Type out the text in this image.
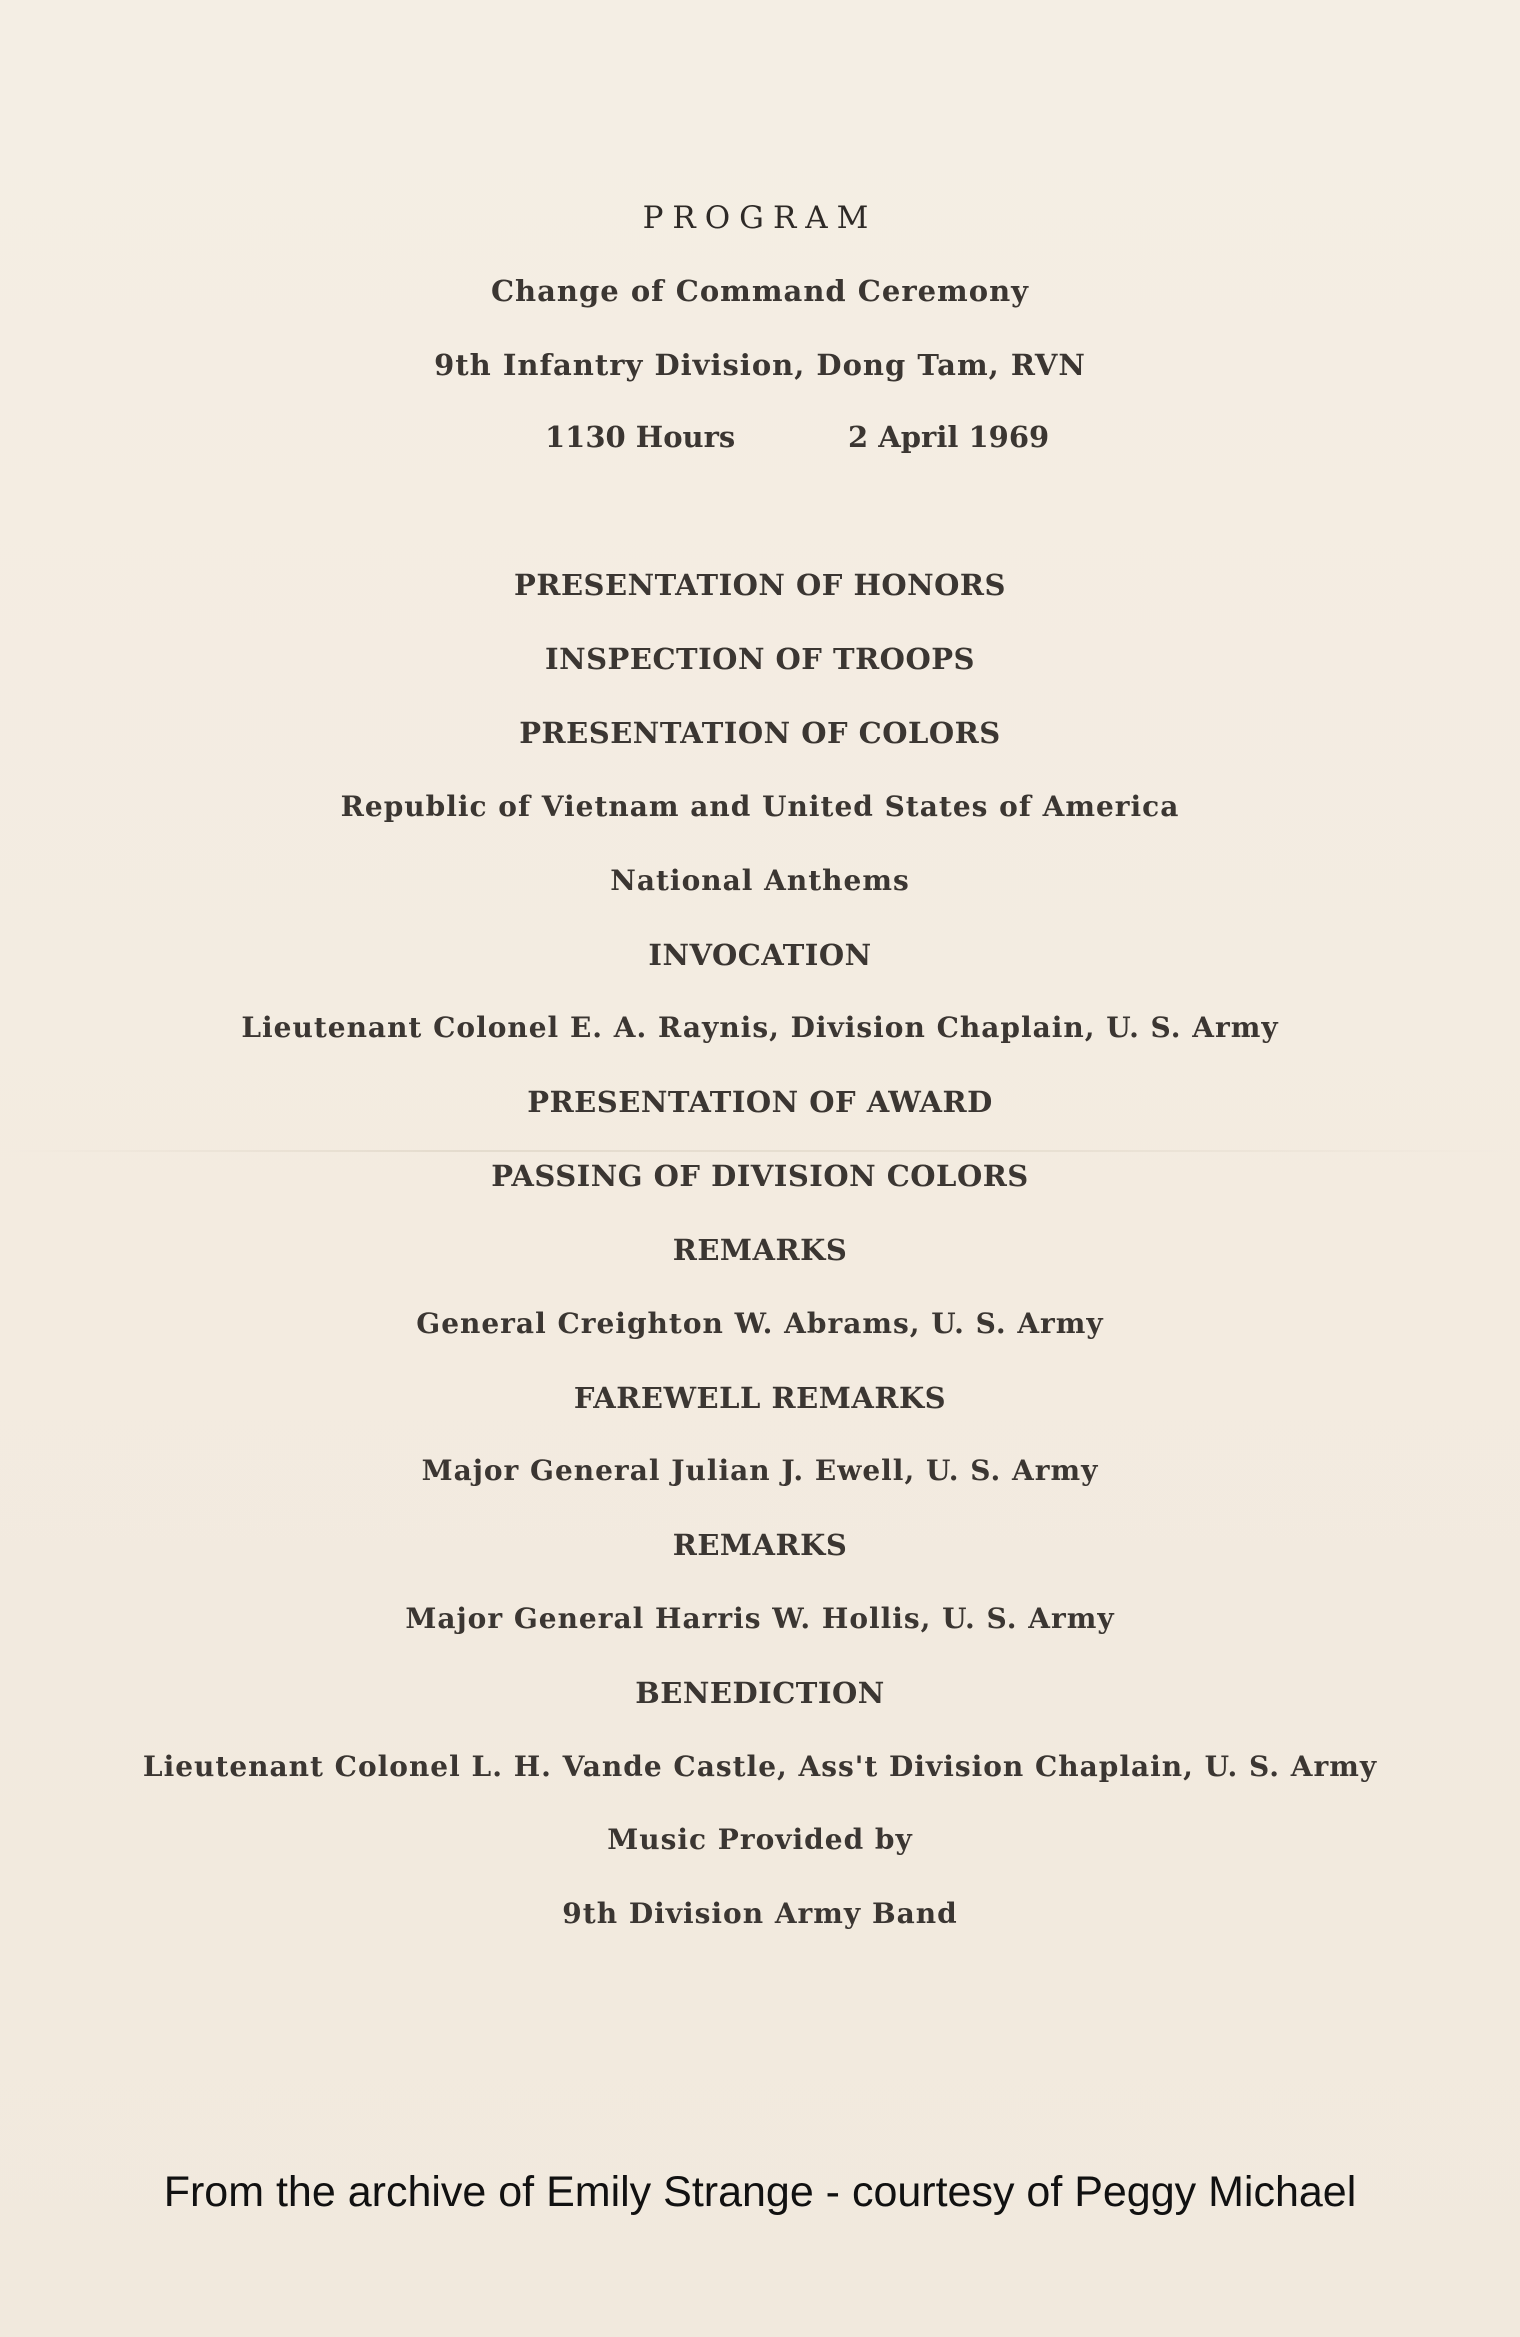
PROGRAM
Change of Command Ceremony
9th Infantry Division, Dong Tam, RVN
1130 Hours	2 April 1969
PRESENTATION OF HONORS
INSPECTION OF TROOPS
PRESENTATION OF COLORS
Republic of Vietnam and United States of America
National Anthems
INVOCATION
Lieutenant Colonel E. A. Raynis, Division Chaplain, U. S. Army
PRESENTATION OF AWARD
PASSING OF DIVISION COLORS
REMARKS
General Creighton W. Abrams, U. S. Army
FAREWELL REMARKS
Major General Julian J. Ewell, U. S. Army
REMARKS
Major General Harris W. Hollis, U. S. Army
BENEDICTION
Lieutenant Colonel L. H. Vande Castle, Ass't Division Chaplain, U. S. Army
Music Provided by
9th Division Army Band
From the archive of Emily Strange - courtesy of Peggy Michael
